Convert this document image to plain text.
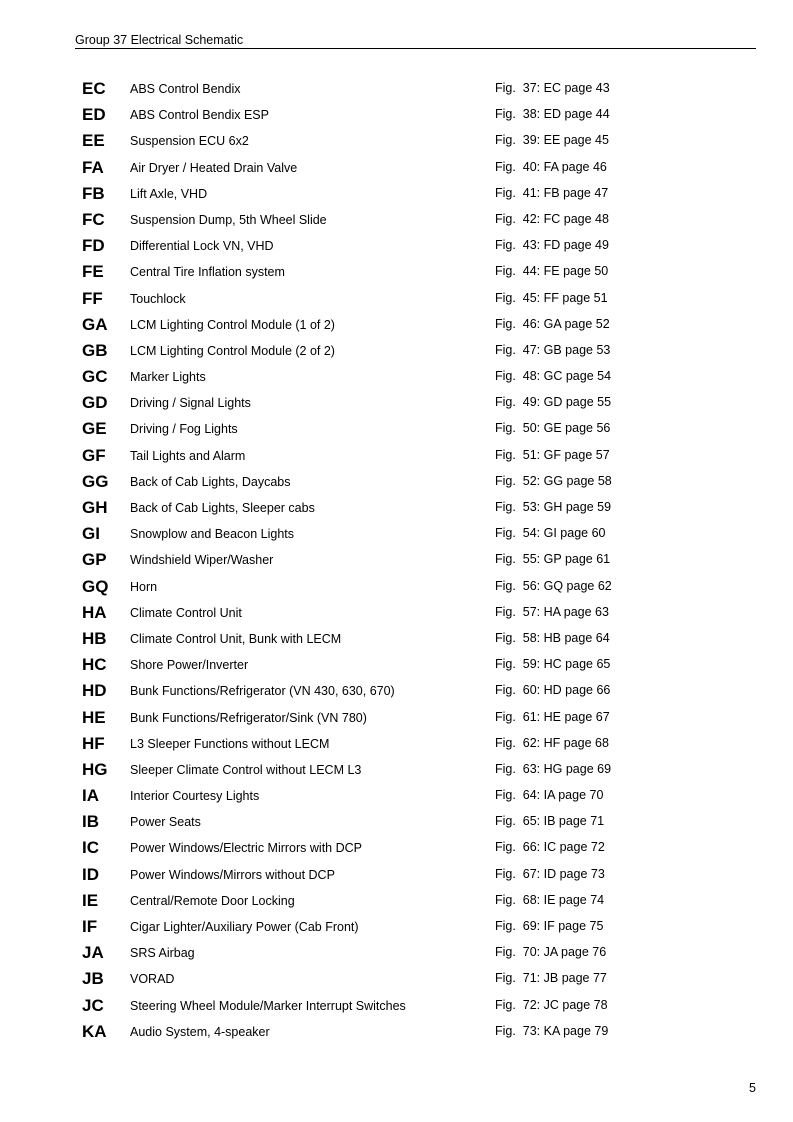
Group 37 Electrical Schematic
EC ABS Control Bendix	Fig.  37: EC page 43
ED ABS Control Bendix ESP	Fig.  38: ED page 44
EE Suspension ECU 6x2	Fig.  39: EE page 45
FA Air Dryer / Heated Drain Valve	Fig.  40: FA page 46
FB Lift Axle, VHD	Fig.  41: FB page 47
FC Suspension Dump, 5th Wheel Slide	Fig.  42: FC page 48
FD Differential Lock VN, VHD	Fig.  43: FD page 49
FE Central Tire Inflation system	Fig.  44: FE page 50
FF Touchlock	Fig.  45: FF page 51
GA LCM Lighting Control Module (1 of 2)	Fig.  46: GA page 52
GB LCM Lighting Control Module (2 of 2)	Fig.  47: GB page 53
GC Marker Lights	Fig.  48: GC page 54
GD Driving / Signal Lights	Fig.  49: GD page 55
GE Driving / Fog Lights	Fig.  50: GE page 56
GF Tail Lights and Alarm	Fig.  51: GF page 57
GG Back of Cab Lights, Daycabs	Fig.  52: GG page 58
GH Back of Cab Lights, Sleeper cabs	Fig.  53: GH page 59
GI Snowplow and Beacon Lights	Fig.  54: GI page 60
GP Windshield Wiper/Washer	Fig.  55: GP page 61
GQ Horn	Fig.  56: GQ page 62
HA Climate Control Unit	Fig.  57: HA page 63
HB Climate Control Unit, Bunk with LECM	Fig.  58: HB page 64
HC Shore Power/Inverter	Fig.  59: HC page 65
HD Bunk Functions/Refrigerator (VN 430, 630, 670)	Fig.  60: HD page 66
HE Bunk Functions/Refrigerator/Sink (VN 780)	Fig.  61: HE page 67
HF L3 Sleeper Functions without LECM	Fig.  62: HF page 68
HG Sleeper Climate Control without LECM L3	Fig.  63: HG page 69
IA Interior Courtesy Lights	Fig.  64: IA page 70
IB Power Seats	Fig.  65: IB page 71
IC Power Windows/Electric Mirrors with DCP	Fig.  66: IC page 72
ID Power Windows/Mirrors without DCP	Fig.  67: ID page 73
IE	Central/Remote Door Locking	Fig.  68: IE page 74
IF	Cigar Lighter/Auxiliary Power (Cab Front)	Fig.  69: IF page 75
JA SRS Airbag	Fig.  70: JA page 76
JB VORAD	Fig.  71: JB page 77
JC Steering Wheel Module/Marker Interrupt Switches	Fig.  72: JC page 78
KA Audio System, 4-speaker	Fig.  73: KA page 79
5
